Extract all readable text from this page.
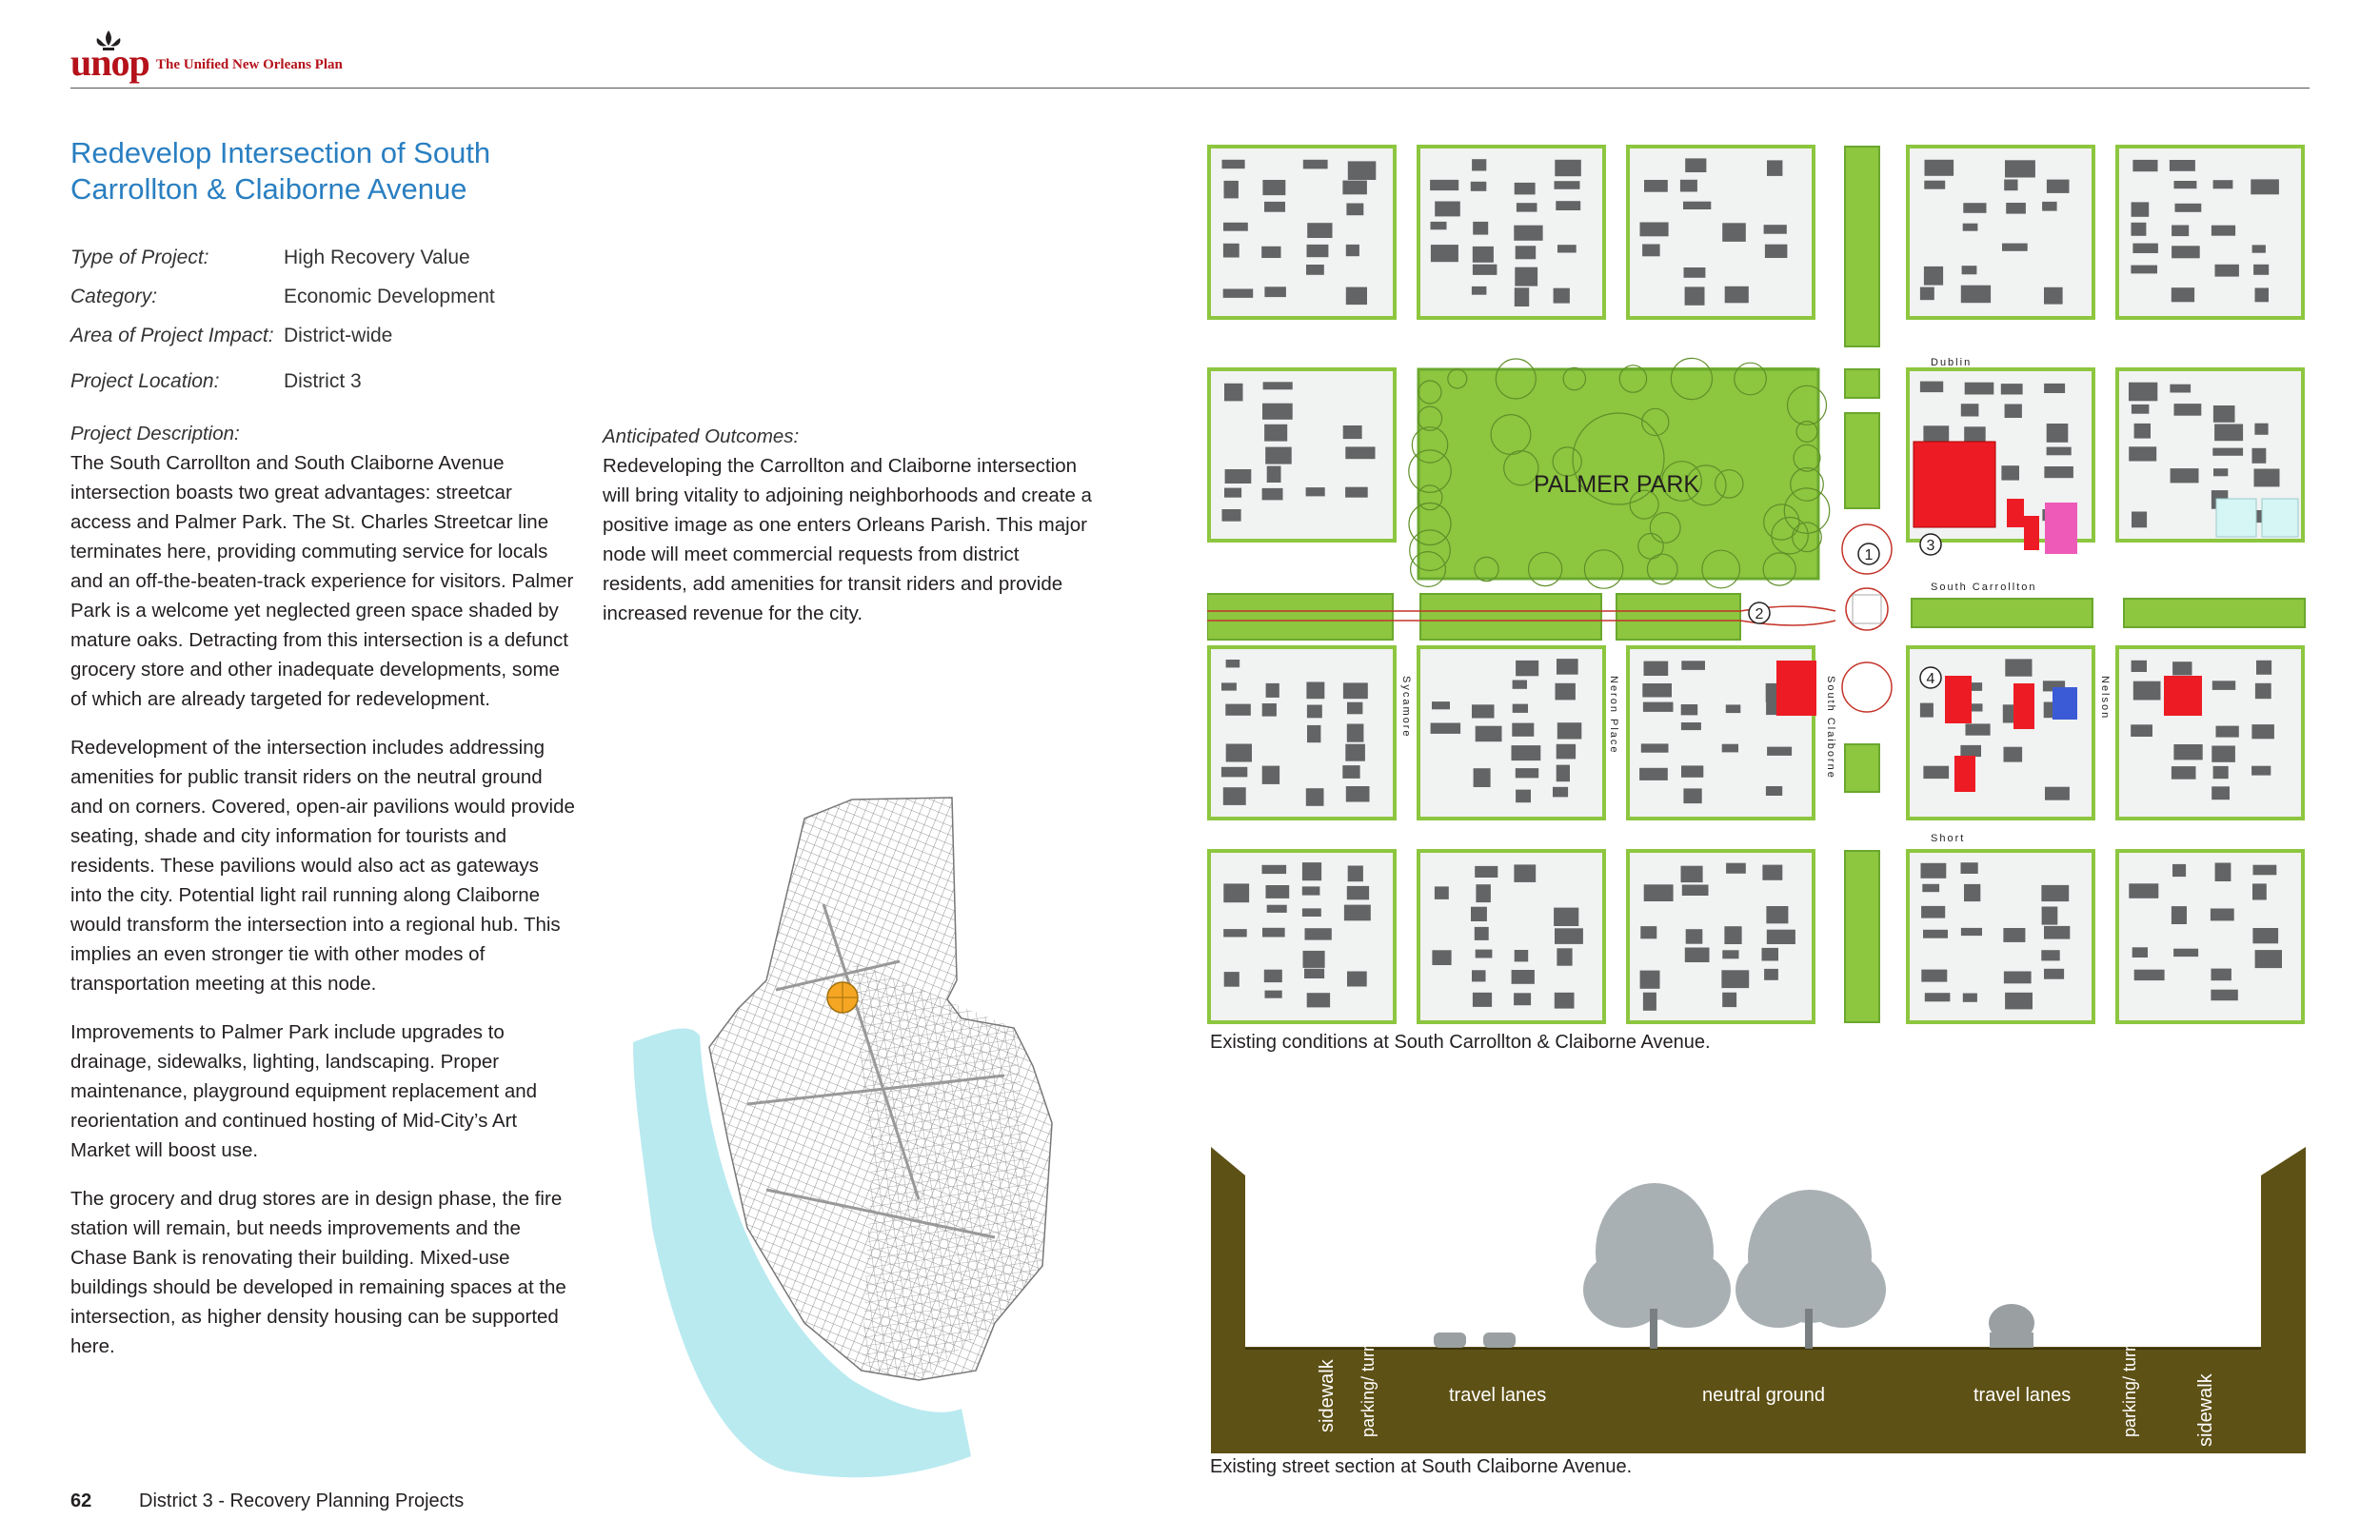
unop The Unified New Orleans Plan
Redevelop Intersection of South Carrollton & Claiborne Avenue
Type of Project:	High Recovery Value
Category:	Economic Development
Area of Project Impact: District-wide
Project Location:	District 3
Project Description:

The South Carrollton and South Claiborne Avenue intersection boasts two great advantages: streetcar access and Palmer Park. The St. Charles Streetcar line terminates here, providing commuting service for locals and an off-the-beaten-track experience for visitors. Palmer Park is a welcome yet neglected green space shaded by mature oaks. Detracting from this intersection is a defunct grocery store and other inadequate developments, some of which are already targeted for redevelopment.

Redevelopment of the intersection includes addressing amenities for public transit riders on the neutral ground and on corners. Covered, open-air pavilions would provide seating, shade and city information for tourists and residents. These pavilions would also act as gateways into the city. Potential light rail running along Claiborne would transform the intersection into a regional hub. This implies an even stronger tie with other modes of transportation meeting at this node.

Improvements to Palmer Park include upgrades to drainage, sidewalks, lighting, landscaping. Proper maintenance, playground equipment replacement and reorientation and continued hosting of Mid-City’s Art Market will boost use.

The grocery and drug stores are in design phase, the fire station will remain, but needs improvements and the Chase Bank is renovating their building. Mixed-use buildings should be developed in remaining spaces at the intersection, as higher density housing can be supported here.

Anticipated Outcomes:

Redeveloping the Carrollton and Claiborne intersection will bring vitality to adjoining neighborhoods and create a positive image as one enters Orleans Parish. This major node will meet commercial requests from district residents, add amenities for transit riders and provide increased revenue for the city.

PALMER PARK
Dublin
South Carrollton
Short
Sycamore	Neron Place	South Claiborne	Nelson
1
2
3
4
Existing conditions at South Carrollton & Claiborne Avenue.
sidewalk parking/ turn lane	travel lanes	neutral ground	travel lanes	parking/ turn lane	sidewalk
Existing street section at South Claiborne Avenue.
62 District 3 - Recovery Planning Projects
